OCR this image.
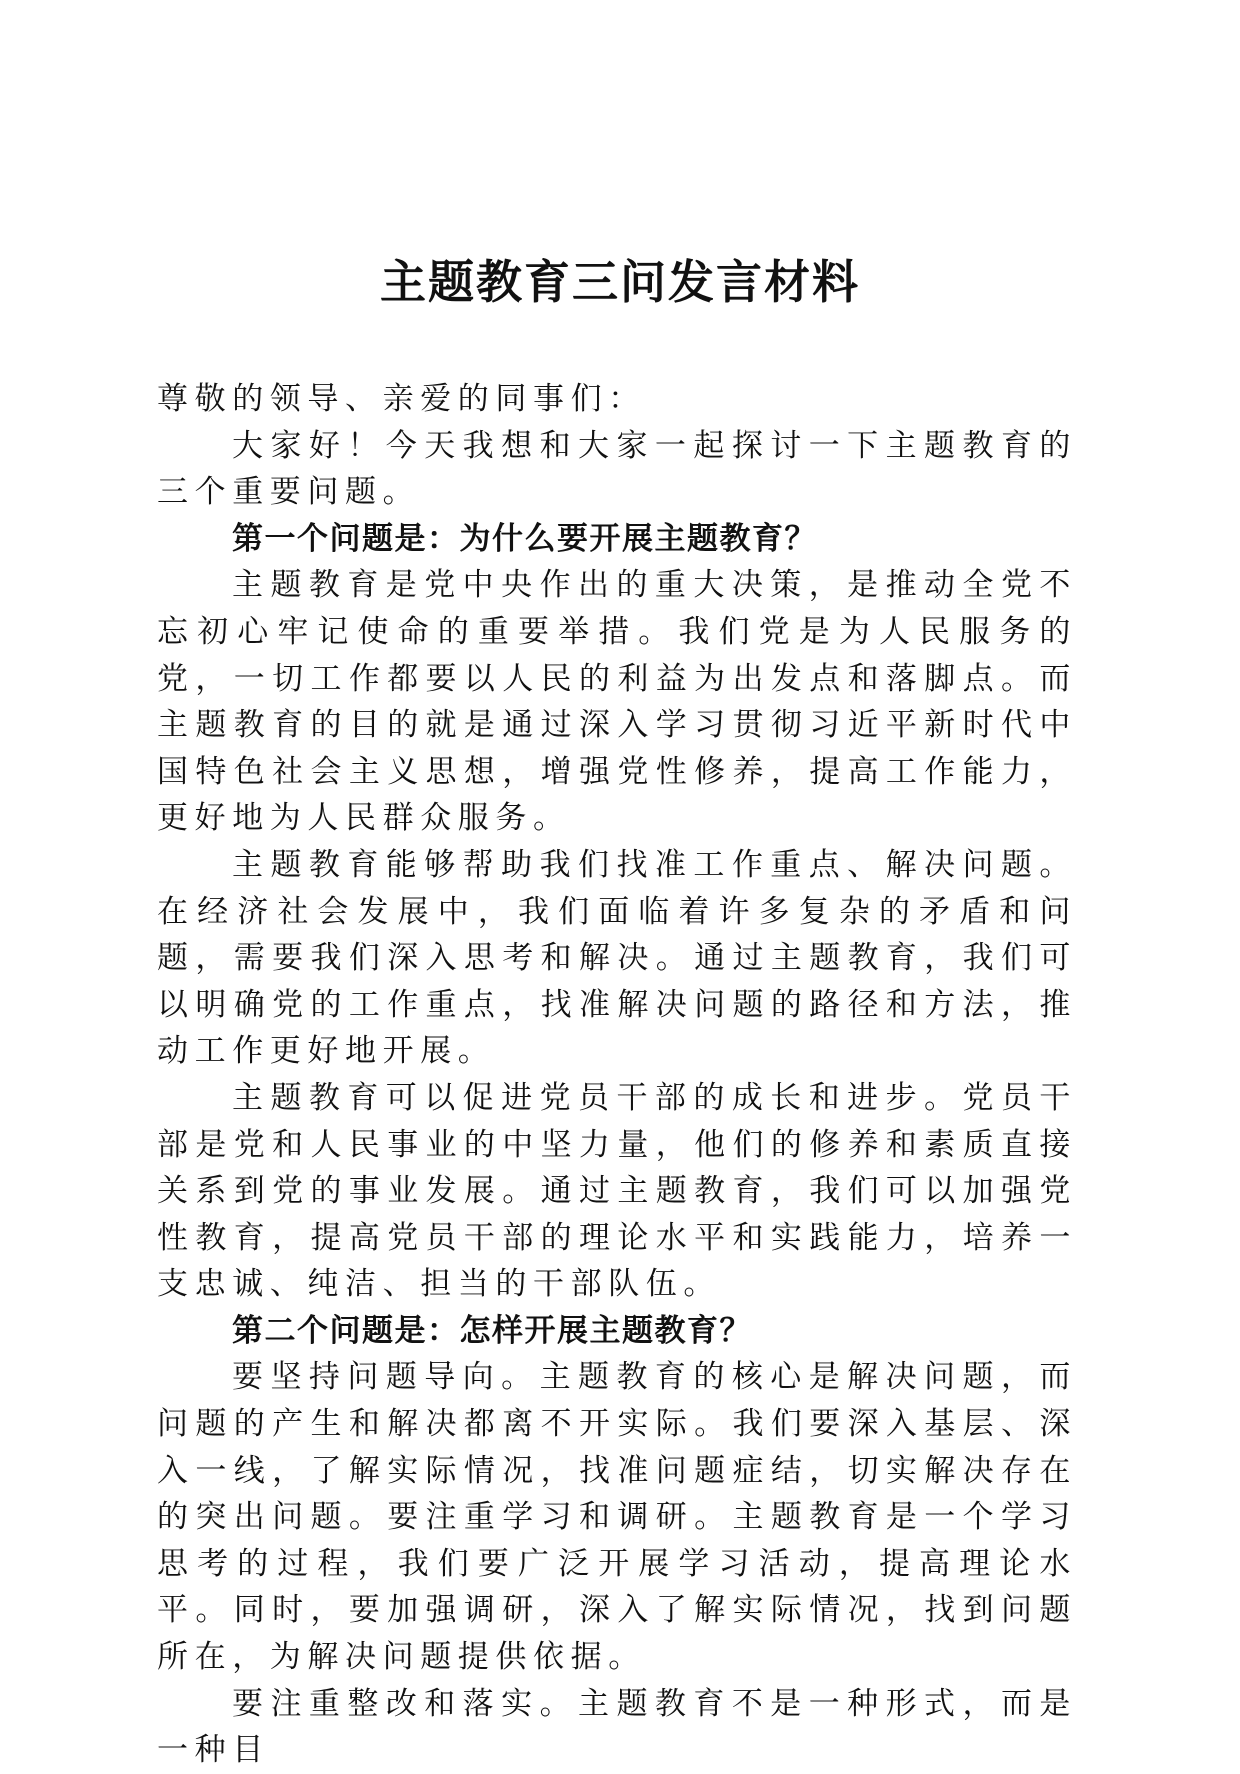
主题教育三问发言材料

尊敬的领导、亲爱的同事们：

大家好！今天我想和大家一起探讨一下主题教育的三个重要问题。

第一个问题是：为什么要开展主题教育？

主题教育是党中央作出的重大决策，是推动全党不忘初心牢记使命的重要举措。我们党是为人民服务的党，一切工作都要以人民的利益为出发点和落脚点。而主题教育的目的就是通过深入学习贯彻习近平新时代中国特色社会主义思想，增强党性修养，提高工作能力，更好地为人民群众服务。

主题教育能够帮助我们找准工作重点、解决问题。在经济社会发展中，我们面临着许多复杂的矛盾和问题，需要我们深入思考和解决。通过主题教育，我们可以明确党的工作重点，找准解决问题的路径和方法，推动工作更好地开展。

主题教育可以促进党员干部的成长和进步。党员干部是党和人民事业的中坚力量，他们的修养和素质直接关系到党的事业发展。通过主题教育，我们可以加强党性教育，提高党员干部的理论水平和实践能力，培养一支忠诚、纯洁、担当的干部队伍。

第二个问题是：怎样开展主题教育？

要坚持问题导向。主题教育的核心是解决问题，而问题的产生和解决都离不开实际。我们要深入基层、深入一线，了解实际情况，找准问题症结，切实解决存在的突出问题。要注重学习和调研。主题教育是一个学习思考的过程，我们要广泛开展学习活动，提高理论水平。同时，要加强调研，深入了解实际情况，找到问题所在，为解决问题提供依据。

要注重整改和落实。主题教育不是一种形式，而是一种目
